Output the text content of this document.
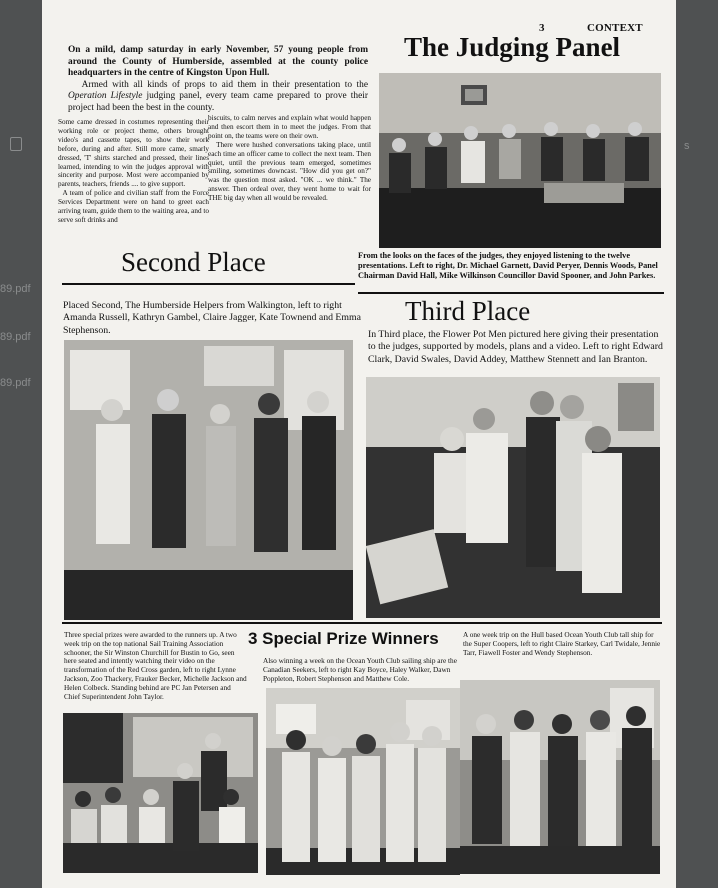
89.pdf
89.pdf
89.pdf
s
3	CONTEXT
The Judging Panel
On a mild, damp saturday in early November, 57 young people from around the County of Humberside, assembled at the county police headquarters in the centre of Kingston Upon Hull.
Armed with all kinds of props to aid them in their presentation to the Operation Lifestyle judging panel, every team came prepared to prove their project had been the best in the county.
Some came dressed in costumes representing their working role or project theme, others brought video's and cassette tapes, to show their work before, during and after. Still more came, smarly dressed, 'T' shirts starched and pressed, their lines learned, intending to win the judges approval with sincerity and purpose. Most were accompanied by parents, teachers, friends .... to give support.
A team of police and civilian staff from the Force Services Department were on hand to greet each arriving team, guide them to the waiting area, and to serve soft drinks and
biscuits, to calm nerves and explain what would happen and then escort them in to meet the judges. From that point on, the teams were on their own.
There were hushed conversations taking place, until each time an officer came to collect the next team. Then quiet, until the previous team emerged, sometimes smiling, sometimes downcast. "How did you get on?" was the question most asked. "OK ... we think." The answer. Then ordeal over, they went home to wait for THE big day when all would be revealed.
From the looks on the faces of the judges, they enjoyed listening to the twelve presentations. Left to right, Dr. Michael Garnett, David Peryer, Dennis Woods, Panel Chairman David Hall, Mike Wilkinson Councillor David Spooner, and John Parkes.
Second Place
Placed Second, The Humberside Helpers from Walkington, left to right Amanda Russell, Kathryn Gambel, Claire Jagger, Kate Townend and Emma Stephenson.
Third Place
In Third place, the Flower Pot Men pictured here giving their presentation to the judges, supported by models, plans and a video. Left to right Edward Clark, David Swales, David Addey, Matthew Stennett and Ian Branton.
Three special prizes were awarded to the runners up. A two week trip on the top national Sail Training Association schooner, the Sir Winston Churchill for Bustin to Go, seen here seated and intently watching their video on the transformation of the Red Cross garden, left to right Lynne Jackson, Zoo Thackery, Frauker Becker, Michelle Jackson and Helen Colbeck. Standing behind are PC Jan Petersen and Chief Superintendent John Taylor.
3 Special Prize Winners
Also winning a week on the Ocean Youth Club sailing ship are the Canadian Seekers, left to right Kay Boyce, Haley Walker, Dawn Poppleton, Robert Stephenson and Matthew Cole.
A one week trip on the Hull based Ocean Youth Club tall ship for the Super Coopers, left to right Claire Starkey, Carl Twidale, Jennie Tarr, Fiawell Foster and Wendy Stephenson.
